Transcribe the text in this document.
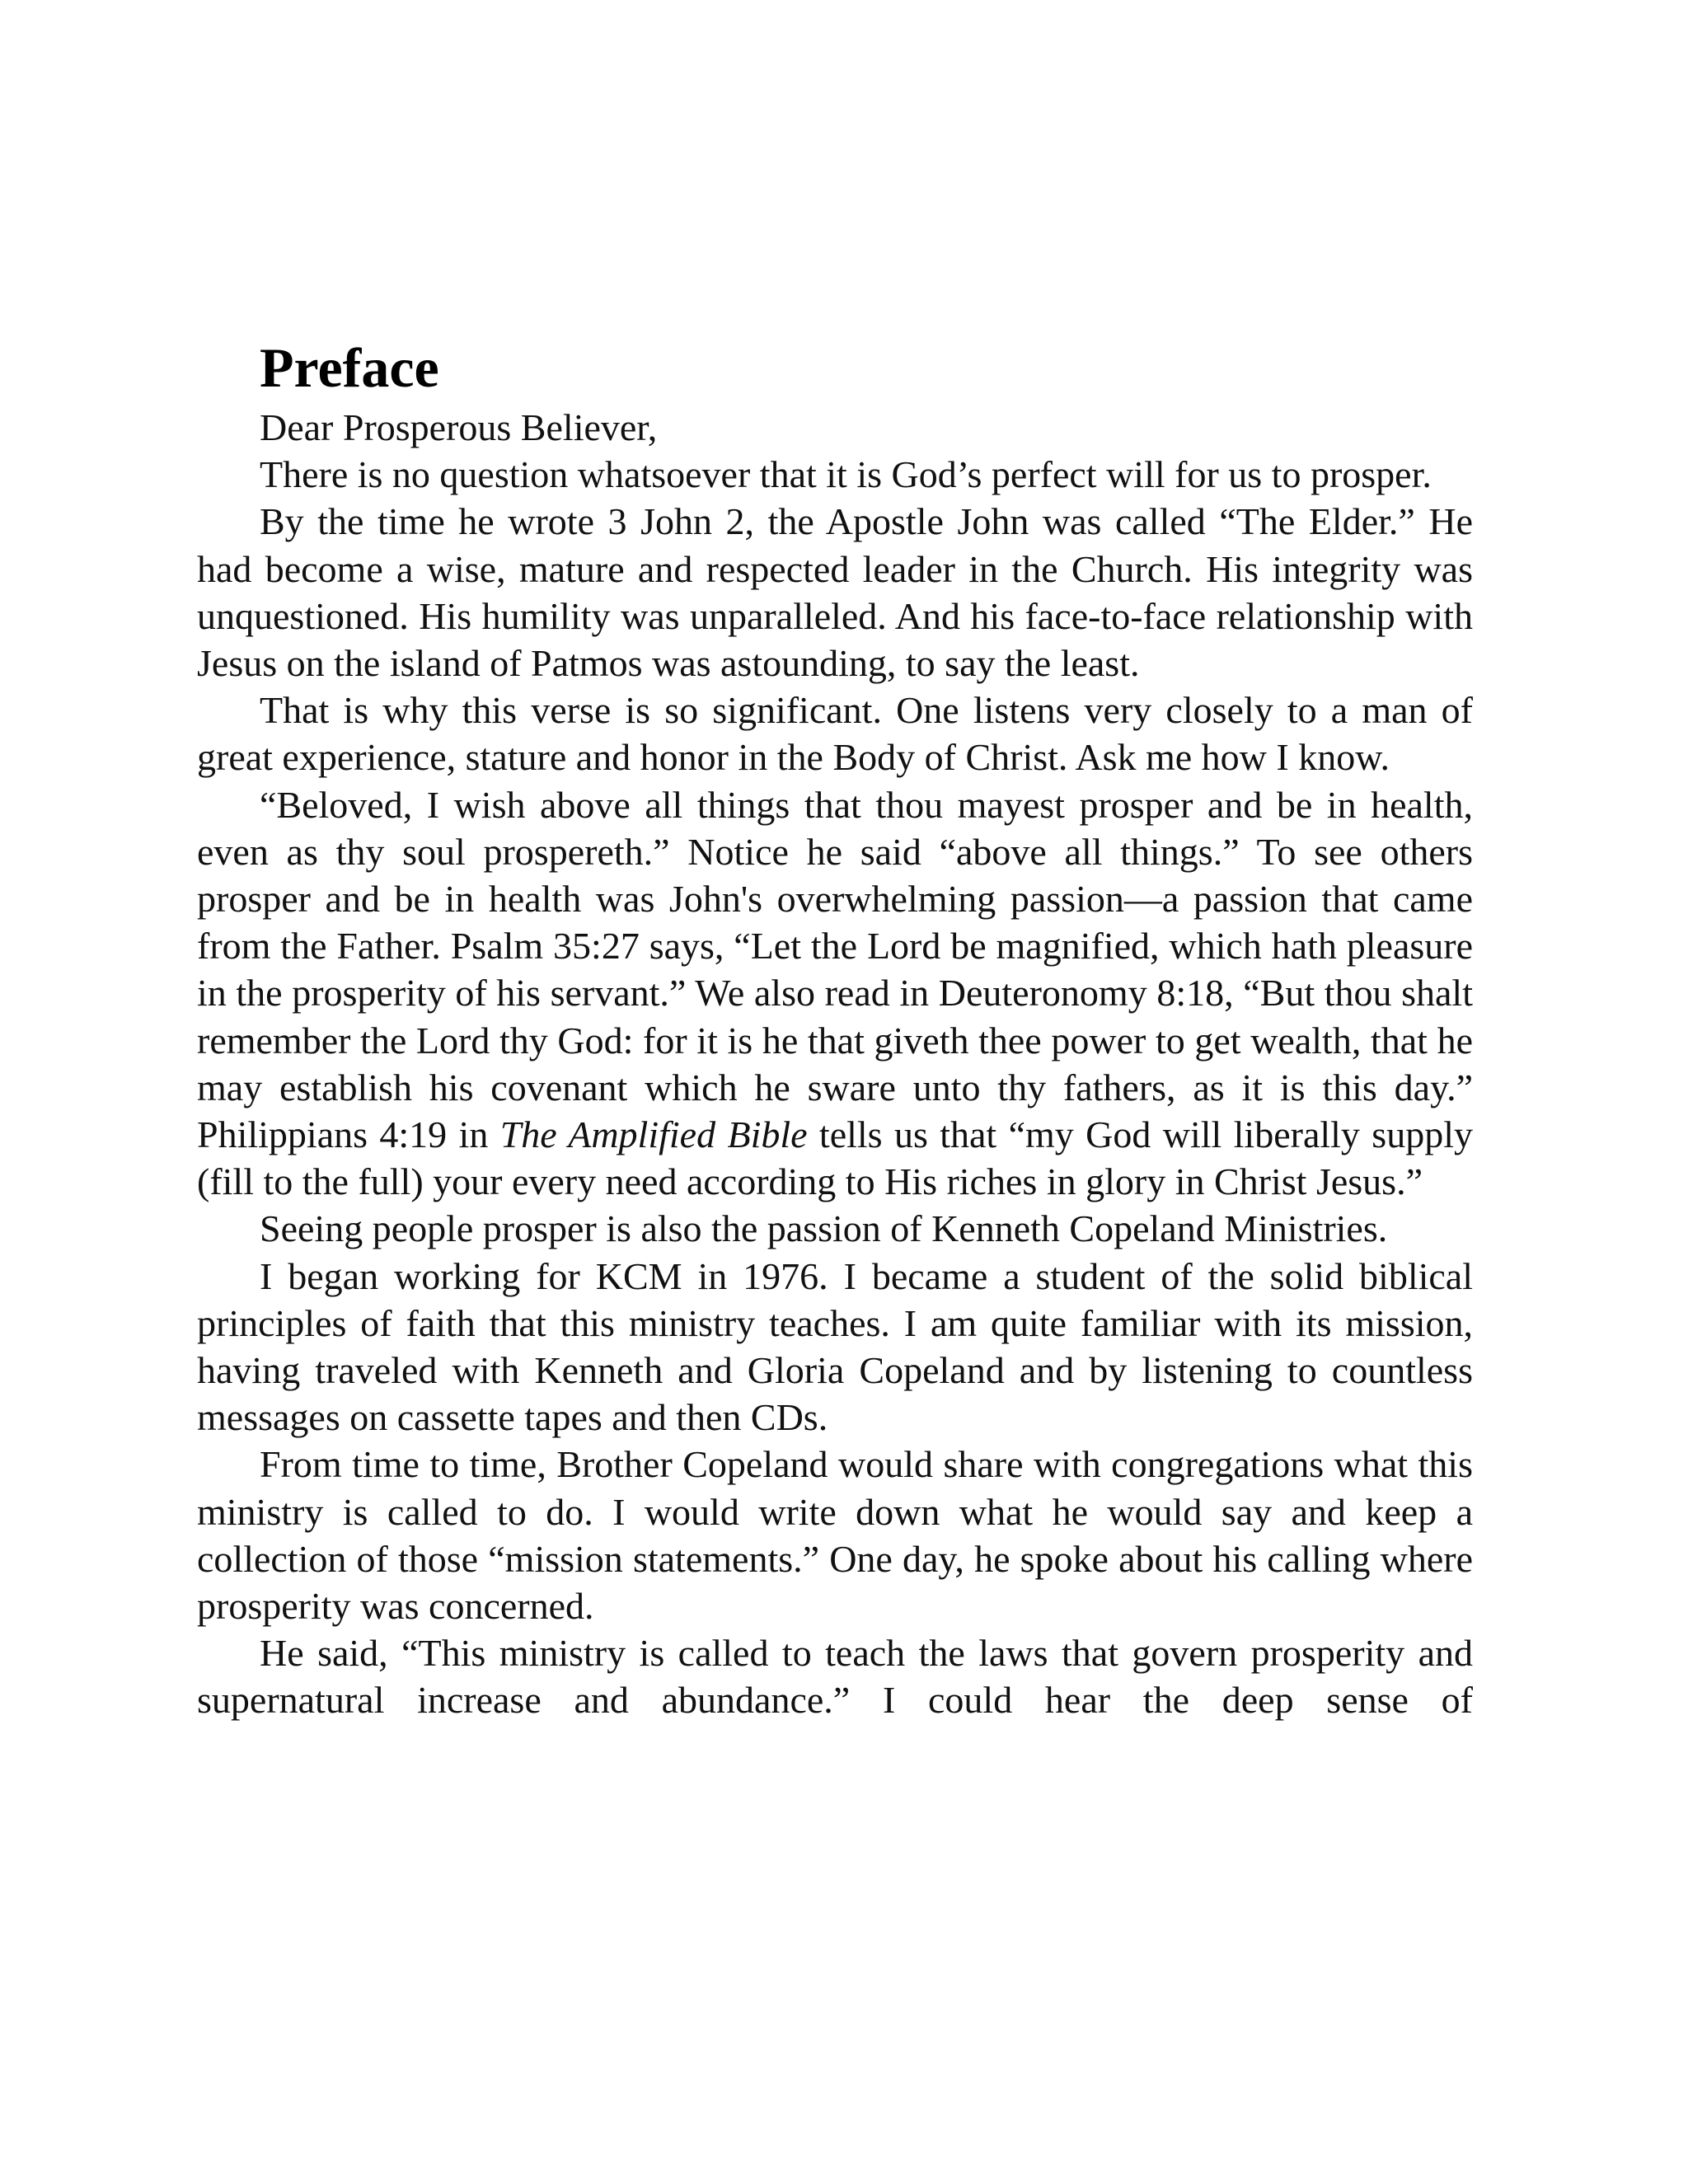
Preface

Dear Prosperous Believer,

There is no question whatsoever that it is God’s perfect will for us to prosper.

By the time he wrote 3 John 2, the Apostle John was called “The Elder.” He had become a wise, mature and respected leader in the Church. His integrity was unquestioned. His humility was unparalleled. And his face-to-face relationship with Jesus on the island of Patmos was astounding, to say the least.

That is why this verse is so significant. One listens very closely to a man of great experience, stature and honor in the Body of Christ. Ask me how I know.

“Beloved, I wish above all things that thou mayest prosper and be in health, even as thy soul prospereth.” Notice he said “above all things.” To see others prosper and be in health was John's overwhelming passion—a passion that came from the Father. Psalm 35:27 says, “Let the Lord be magnified, which hath pleasure in the prosperity of his servant.” We also read in Deuteronomy 8:18, “But thou shalt remember the Lord thy God: for it is he that giveth thee power to get wealth, that he may establish his covenant which he sware unto thy fathers, as it is this day.” Philippians 4:19 in The Amplified Bible tells us that “my God will liberally supply (fill to the full) your every need according to His riches in glory in Christ Jesus.”

Seeing people prosper is also the passion of Kenneth Copeland Ministries.

I began working for KCM in 1976. I became a student of the solid biblical principles of faith that this ministry teaches. I am quite familiar with its mission, having traveled with Kenneth and Gloria Copeland and by listening to countless messages on cassette tapes and then CDs.

From time to time, Brother Copeland would share with congregations what this ministry is called to do. I would write down what he would say and keep a collection of those “mission statements.” One day, he spoke about his calling where prosperity was concerned.

He said, “This ministry is called to teach the laws that govern prosperity and supernatural increase and abundance.” I could hear the deep sense of
